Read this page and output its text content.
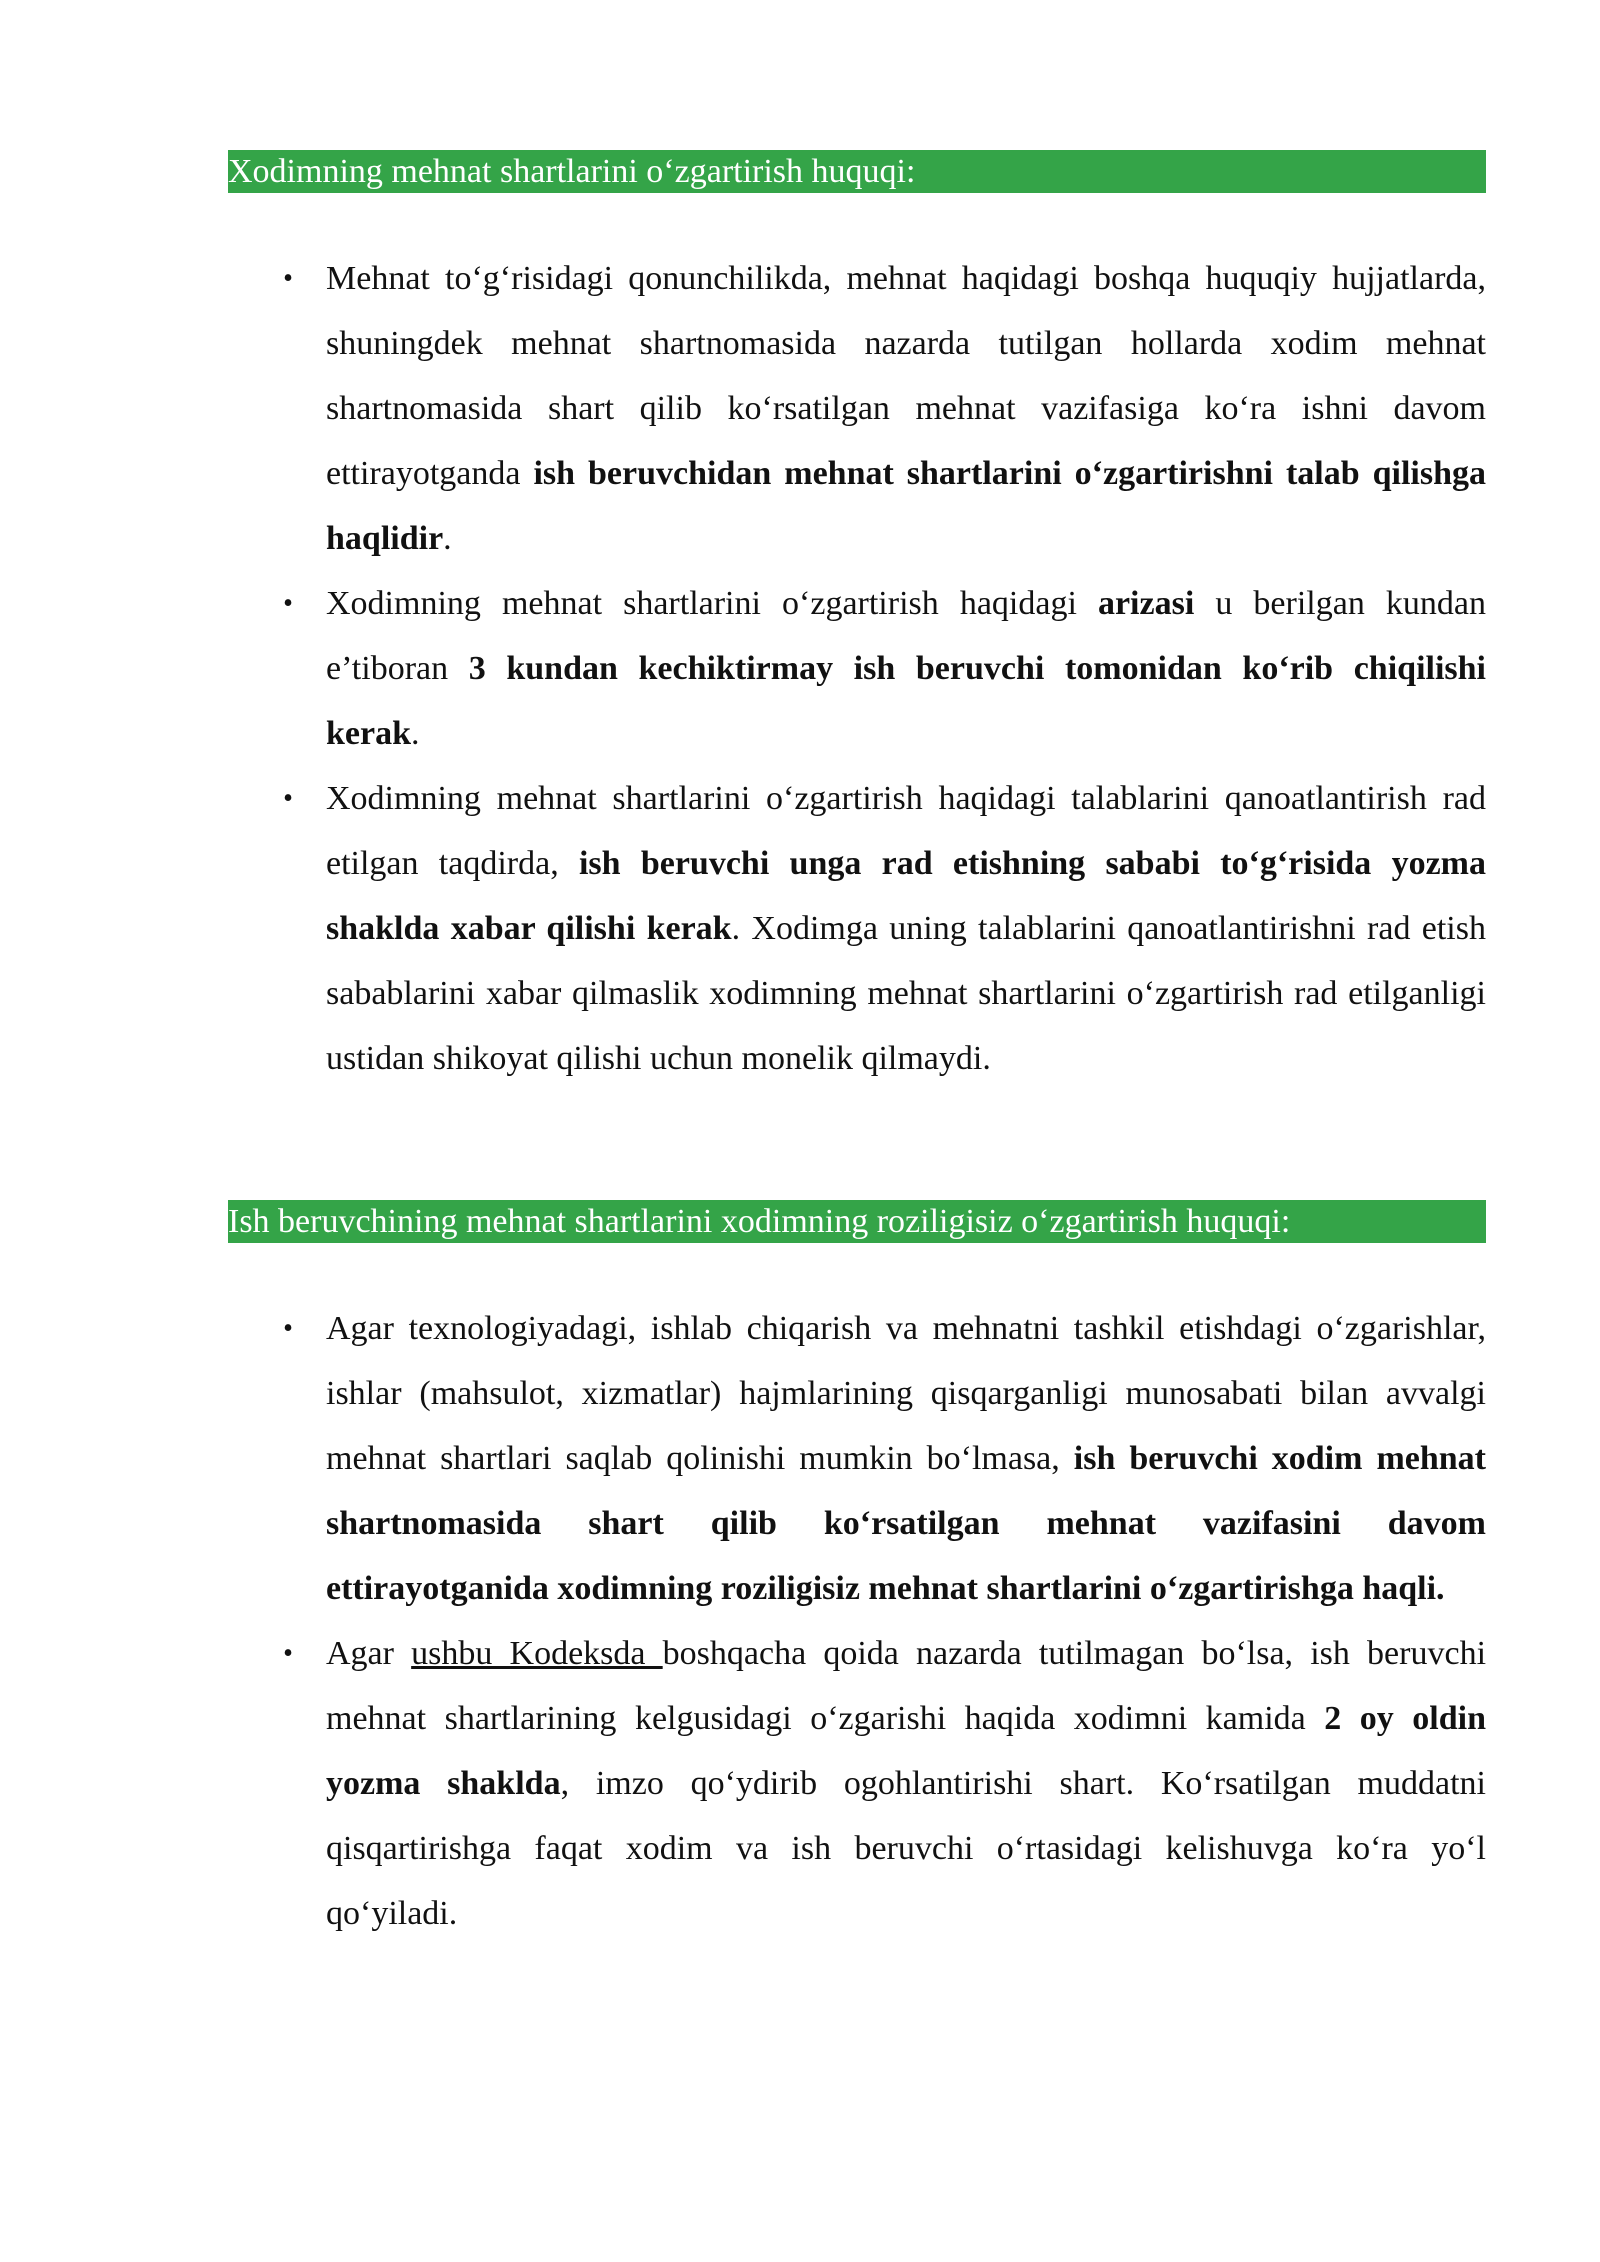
Xodimning mehnat shartlarini o‘zgartirish huquqi:
• Mehnat to‘g‘risidagi qonunchilikda, mehnat haqidagi boshqa huquqiy hujjatlarda, shuningdek mehnat shartnomasida nazarda tutilgan hollarda xodim mehnat shartnomasida shart qilib ko‘rsatilgan mehnat vazifasiga ko‘ra ishni davom ettirayotganda ish beruvchidan mehnat shartlarini o‘zgartirishni talab qilishga haqlidir.
• Xodimning mehnat shartlarini o‘zgartirish haqidagi arizasi u berilgan kundan e’tiboran 3 kundan kechiktirmay ish beruvchi tomonidan ko‘rib chiqilishi kerak.
• Xodimning mehnat shartlarini o‘zgartirish haqidagi talablarini qanoatlantirish rad etilgan taqdirda, ish beruvchi unga rad etishning sababi to‘g‘risida yozma shaklda xabar qilishi kerak. Xodimga uning talablarini qanoatlantirishni rad etish sabablarini xabar qilmaslik xodimning mehnat shartlarini o‘zgartirish rad etilganligi ustidan shikoyat qilishi uchun monelik qilmaydi.
Ish beruvchining mehnat shartlarini xodimning roziligisiz o‘zgartirish huquqi:
• Agar texnologiyadagi, ishlab chiqarish va mehnatni tashkil etishdagi o‘zgarishlar, ishlar (mahsulot, xizmatlar) hajmlarining qisqarganligi munosabati bilan avvalgi mehnat shartlari saqlab qolinishi mumkin bo‘lmasa, ish beruvchi xodim mehnat shartnomasida shart qilib ko‘rsatilgan mehnat vazifasini davom ettirayotganida xodimning roziligisiz mehnat shartlarini o‘zgartirishga haqli.
• Agar ushbu Kodeksda boshqacha qoida nazarda tutilmagan bo‘lsa, ish beruvchi mehnat shartlarining kelgusidagi o‘zgarishi haqida xodimni kamida 2 oy oldin yozma shaklda, imzo qo‘ydirib ogohlantirishi shart. Ko‘rsatilgan muddatni qisqartirishga faqat xodim va ish beruvchi o‘rtasidagi kelishuvga ko‘ra yo‘l qo‘yiladi.
